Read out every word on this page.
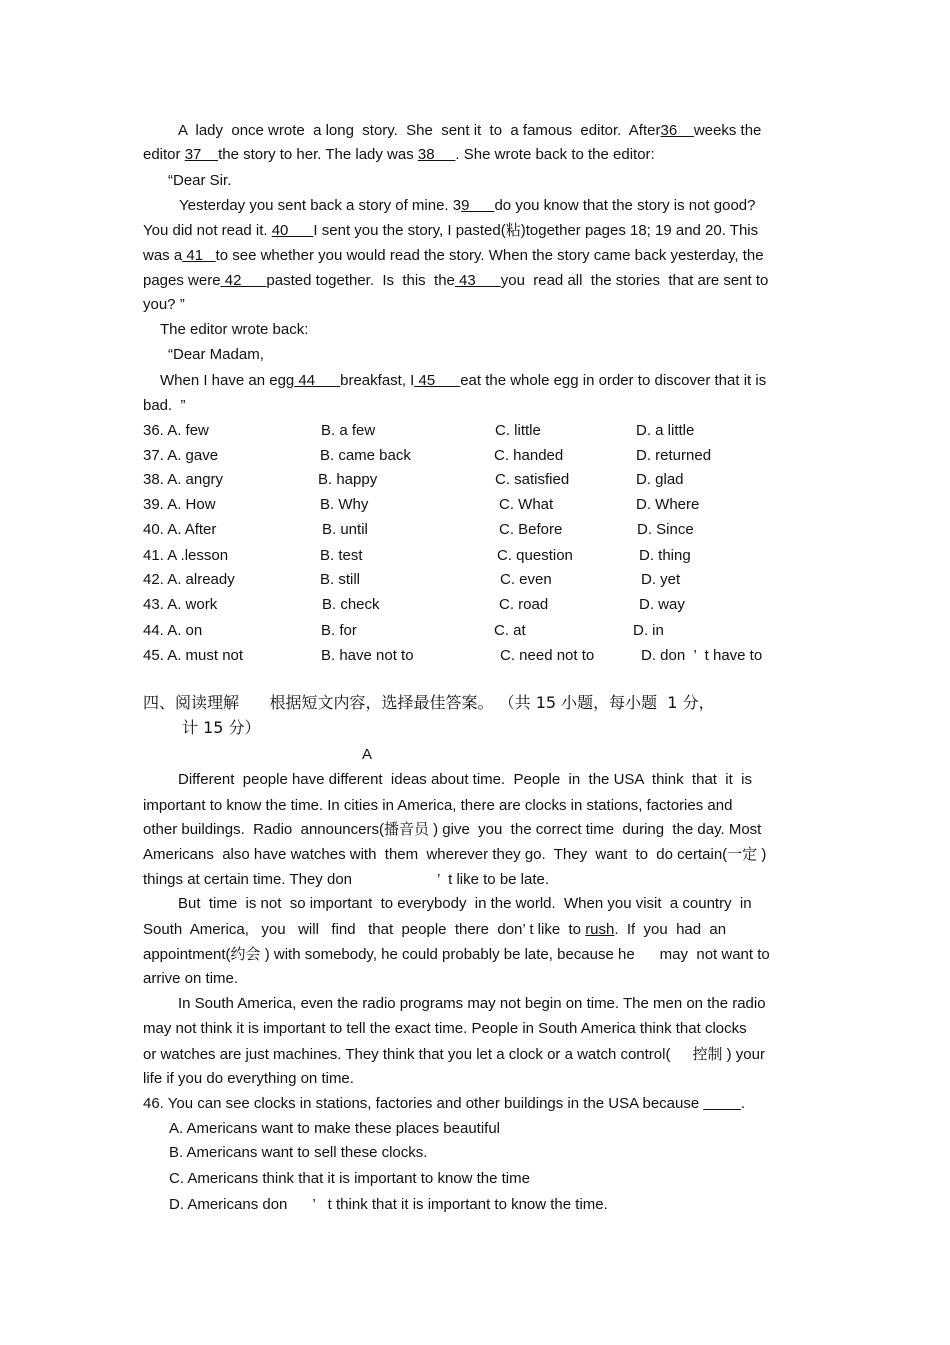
A  lady  once wrote  a long  story.  She  sent it  to  a famous  editor.  After36    weeks the
editor 37    the story to her. The lady was 38     . She wrote back to the editor:
“Dear Sir.
Yesterday you sent back a story of mine. 39      do you know that the story is not good?
You did not read it. 40      I sent you the story, I pasted(粘)together pages 18; 19 and 20. This
was a 41   to see whether you would read the story. When the story came back yesterday, the
pages were 42      pasted together.  Is  this  the 43      you  read all  the stories  that are sent to
you? ”
The editor wrote back:
“Dear Madam,
When I have an egg 44      breakfast, I 45      eat the whole egg in order to discover that it is
bad.  ”
36. A. few	B. a few	C. little	D. a little
37. A. gave	B. came back	C. handed	D. returned
38. A. angry	B. happy	C. satisfied	D. glad
39. A. How	B. Why	C. What	D. Where
40. A. After	B. until	C. Before	D. Since
41. A .lesson	B. test	C. question	D. thing
42. A. already	B. still	C. even	D. yet
43. A. work	B. check	C. road	D. way
44. A. on	B. for	C. at	D. in
45. A. must not	B. have not to	C. need not to	D. don  ’  t have to
四、阅读理解      根据短文内容，选择最佳答案。 （共 15 小题，每小题  1 分，
计 15 分）
A
Different  people have different  ideas about time.  People  in  the USA  think  that  it  is
important to know the time. In cities in America, there are clocks in stations, factories and
other buildings.  Radio  announcers(播音员 ) give  you  the correct time  during  the day. Most
Americans  also have watches with  them  wherever they go.  They  want  to  do certain(一定 )
things at certain time. They don	’  t like to be late.
But  time  is not  so important  to everybody  in the world.  When you visit  a country  in
South  America,   you   will   find   that  people  there  don’ t like  to rush.  If  you  had  an
appointment(约会 ) with somebody, he could probably be late, because he      may  not want to
arrive on time.
In South America, even the radio programs may not begin on time. The men on the radio
may not think it is important to tell the exact time. People in South America think that clocks
or watches are just machines. They think that you let a clock or a watch control( 控制 ) your
life if you do everything on time.
46. You can see clocks in stations, factories and other buildings in the USA because	.
A. Americans want to make these places beautiful
B. Americans want to sell these clocks.
C. Americans think that it is important to know the time
D. Americans don ’   t think that it is important to know the time.
